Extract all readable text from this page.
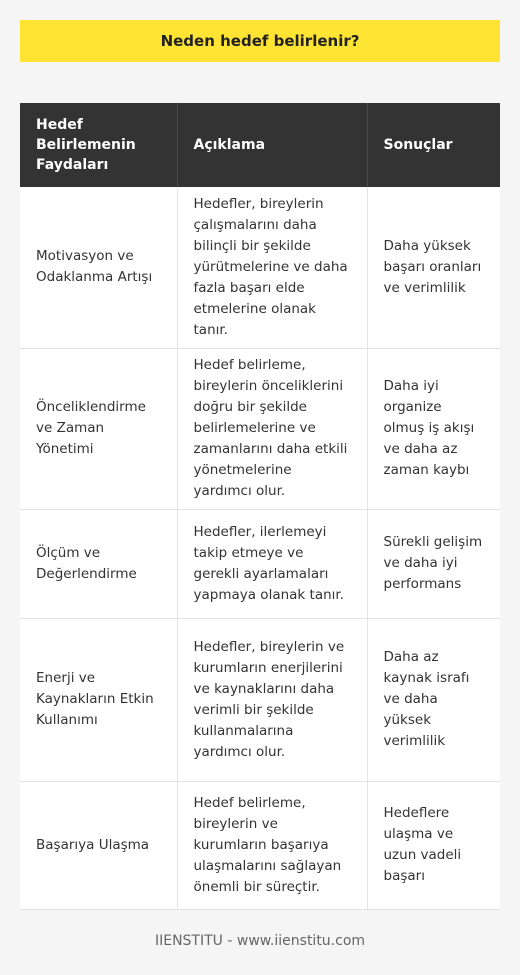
Neden hedef belirlenir?
Hedef Belirlemenin Faydaları	Açıklama	Sonuçlar
Motivasyon ve Odaklanma Artışı	Hedefler, bireylerin çalışmalarını daha bilinçli bir şekilde yürütmelerine ve daha fazla başarı elde etmelerine olanak tanır.	Daha yüksek başarı oranları ve verimlilik
Önceliklendirme ve Zaman Yönetimi	Hedef belirleme, bireylerin önceliklerini doğru bir şekilde belirlemelerine ve zamanlarını daha etkili yönetmelerine yardımcı olur.	Daha iyi organize olmuş iş akışı ve daha az zaman kaybı
Ölçüm ve Değerlendirme	Hedefler, ilerlemeyi takip etmeye ve gerekli ayarlamaları yapmaya olanak tanır.	Sürekli gelişim ve daha iyi performans
Enerji ve Kaynakların Etkin Kullanımı	Hedefler, bireylerin ve kurumların enerjilerini ve kaynaklarını daha verimli bir şekilde kullanmalarına yardımcı olur.	Daha az kaynak israfı ve daha yüksek verimlilik
Başarıya Ulaşma	Hedef belirleme, bireylerin ve kurumların başarıya ulaşmalarını sağlayan önemli bir süreçtir.	Hedeflere ulaşma ve uzun vadeli başarı
IIENSTITU - www.iienstitu.com
